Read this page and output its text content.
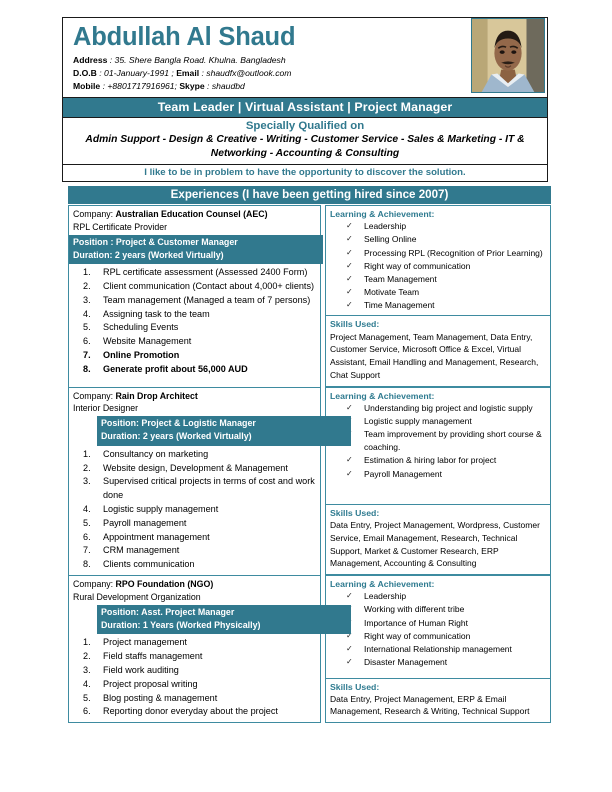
Abdullah Al Shaud
Address : 35. Shere Bangla Road. Khulna. Bangladesh
D.O.B : 01-January-1991 ; Email : shaudfx@outlook.com
Mobile : +8801717916961; Skype : shaudbd
Team Leader | Virtual Assistant | Project Manager
Specially Qualified on
Admin Support - Design & Creative - Writing - Customer Service - Sales & Marketing - IT & Networking - Accounting & Consulting
I like to be in problem to have the opportunity to discover the solution.
Experiences (I have been getting hired since 2007)
Company: Australian Education Counsel (AEC)
RPL Certificate Provider
Position : Project & Customer Manager
Duration: 2 years (Worked Virtually)
RPL certificate assessment (Assessed 2400 Form)
Client communication (Contact about 4,000+ clients)
Team management (Managed a team of 7 persons)
Assigning task to the team
Scheduling Events
Website Management
Online Promotion
Generate profit about 56,000 AUD
Learning & Achievement:
✓ Leadership
✓ Selling Online
✓ Processing RPL (Recognition of Prior Learning)
✓ Right way of communication
✓ Team Management
✓ Motivate Team
✓ Time Management
Skills Used:
Project Management, Team Management, Data Entry, Customer Service, Microsoft Office & Excel, Virtual Assistant, Email Handling and Management, Research, Chat Support
Company: Rain Drop Architect
Interior Designer
Position: Project & Logistic Manager
Duration: 2 years (Worked Virtually)
Consultancy on marketing
Website design, Development & Management
Supervised critical projects in terms of cost and work done
Logistic supply management
Payroll management
Appointment management
CRM management
Clients communication
Learning & Achievement:
✓ Understanding big project and logistic supply
✓ Logistic supply management
✓ Team improvement by providing short course & coaching.
✓ Estimation & hiring labor for project
✓ Payroll Management
Skills Used:
Data Entry, Project Management, Wordpress, Customer Service, Email Management, Research, Technical Support, Market & Customer Research, ERP Management, Accounting & Consulting
Company: RPO Foundation (NGO)
Rural Development Organization
Position: Asst. Project Manager
Duration: 1 Years (Worked Physically)
Project management
Field staffs management
Field work auditing
Project proposal writing
Blog posting & management
Reporting donor everyday about the project
Learning & Achievement:
✓ Leadership
✓ Working with different tribe
✓ Importance of Human Right
✓ Right way of communication
✓ International Relationship management
✓ Disaster Management
Skills Used:
Data Entry, Project Management, ERP & Email Management, Research & Writing, Technical Support
